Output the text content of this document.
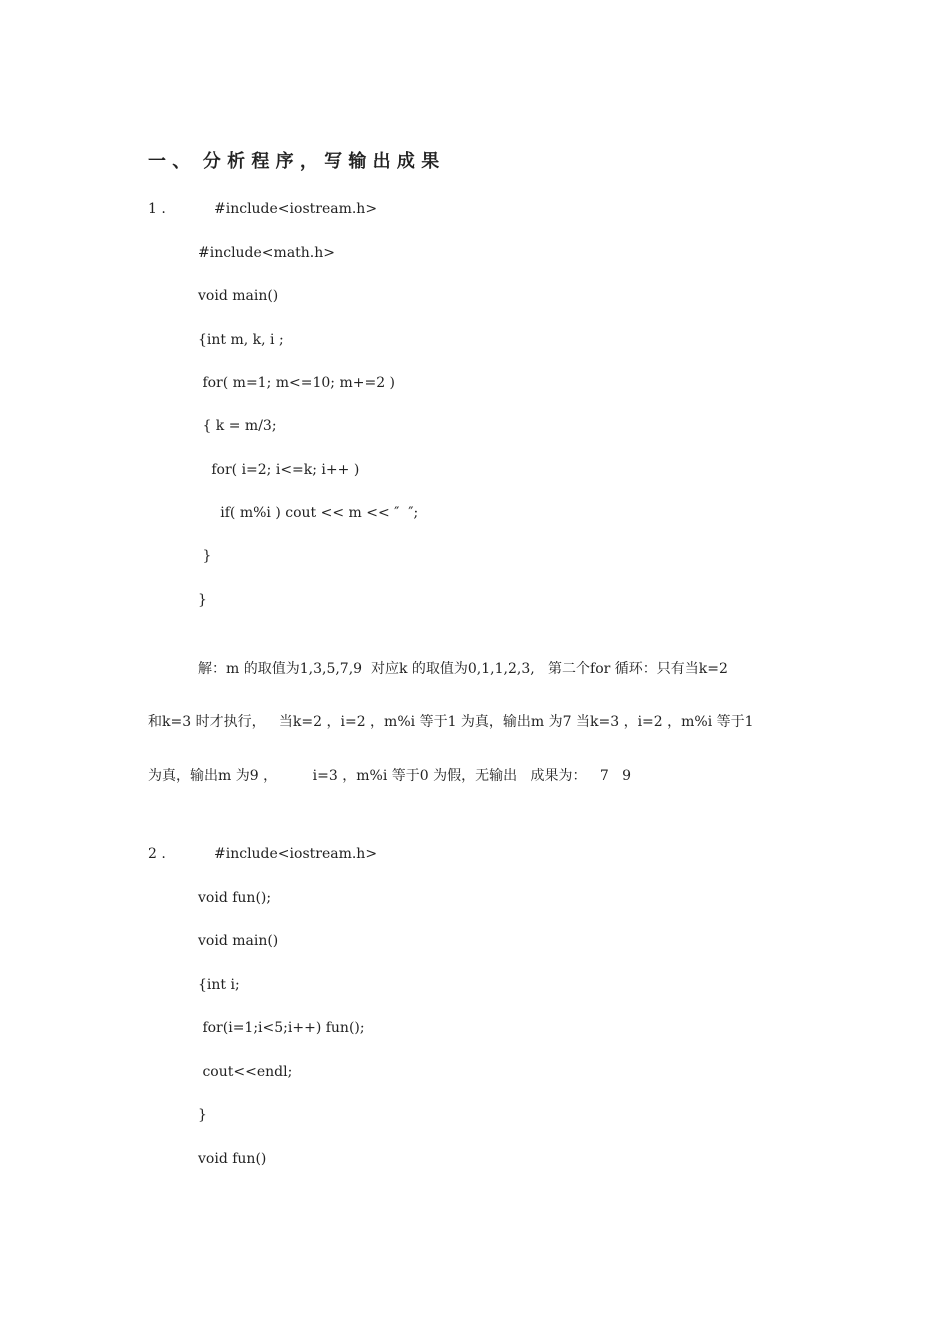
一 、  分 析 程 序 ， 写 输 出 成 果
1 .	#include<iostream.h>
#include<math.h>
void main()
{int m, k, i ;
for( m=1; m<=10; m+=2 )
{ k = m/3;
for( i=2; i<=k; i++ )
if( m%i ) cout << m << ″  ″;
}
}
解：m 的取值为1,3,5,7,9  对应k 的取值为0,1,1,2,3,   第二个for 循环：只有当k=2
和k=3 时才执行，   当k=2 ，i=2 ，m%i 等于1 为真，输出m 为7 当k=3 ，i=2 ，m%i 等于1
为真，输出m 为9 ，        i=3 ，m%i 等于0 为假，无输出   成果为：   7   9
2 .	#include<iostream.h>
void fun();
void main()
{int i;
for(i=1;i<5;i++) fun();
cout<<endl;
}
void fun()
